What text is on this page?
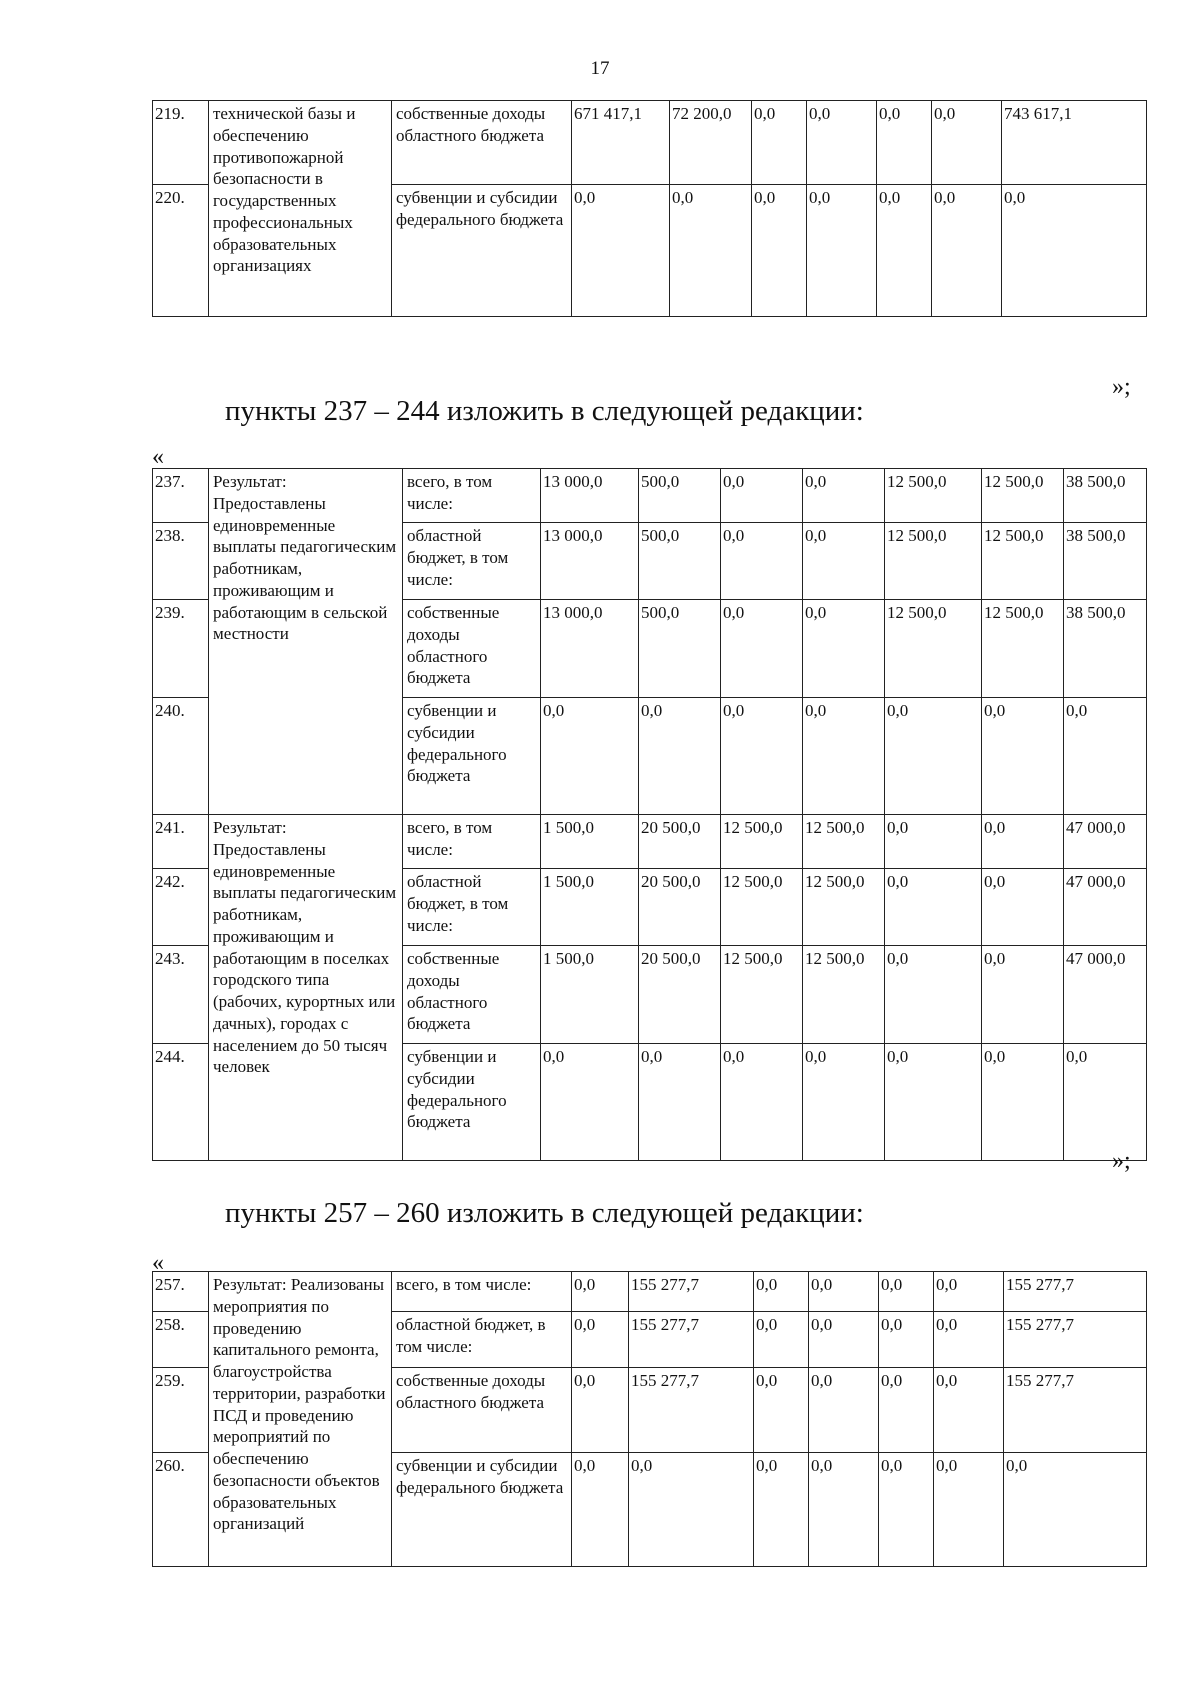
17
219.	технической базы и обеспечению противопожарной безопасности в государственных профессиональных образовательных организациях	собственные доходы областного бюджета	671 417,1	72 200,0	0,0	0,0	0,0	0,0	743 617,1
220.		субвенции и субсидии федерального бюджета	0,0	0,0	0,0	0,0	0,0	0,0	0,0
»;
пункты 237 – 244 изложить в следующей редакции:
«
237.	Результат: Предоставлены единовременные выплаты педагогическим работникам, проживающим и работающим в сельской местности	всего, в том числе:	13 000,0	500,0	0,0	0,0	12 500,0	12 500,0	38 500,0
238.		областной бюджет, в том числе:	13 000,0	500,0	0,0	0,0	12 500,0	12 500,0	38 500,0
239.		собственные доходы областного бюджета	13 000,0	500,0	0,0	0,0	12 500,0	12 500,0	38 500,0
240.		субвенции и субсидии федерального бюджета	0,0	0,0	0,0	0,0	0,0	0,0	0,0
241.	Результат: Предоставлены единовременные выплаты педагогическим работникам, проживающим и работающим в поселках городского типа (рабочих, курортных или дачных), городах с населением до 50 тысяч человек	всего, в том числе:	1 500,0	20 500,0	12 500,0	12 500,0	0,0	0,0	47 000,0
242.		областной бюджет, в том числе:	1 500,0	20 500,0	12 500,0	12 500,0	0,0	0,0	47 000,0
243.		собственные доходы областного бюджета	1 500,0	20 500,0	12 500,0	12 500,0	0,0	0,0	47 000,0
244.		субвенции и субсидии федерального бюджета	0,0	0,0	0,0	0,0	0,0	0,0	0,0
»;
пункты 257 – 260 изложить в следующей редакции:
«
257.	Результат: Реализованы мероприятия по проведению капитального ремонта, благоустройства территории, разработки ПСД и проведению мероприятий по обеспечению безопасности объектов образовательных организаций	всего, в том числе:	0,0	155 277,7	0,0	0,0	0,0	0,0	155 277,7
258.		областной бюджет, в том числе:	0,0	155 277,7	0,0	0,0	0,0	0,0	155 277,7
259.		собственные доходы областного бюджета	0,0	155 277,7	0,0	0,0	0,0	0,0	155 277,7
260.		субвенции и субсидии федерального бюджета	0,0	0,0	0,0	0,0	0,0	0,0	0,0
